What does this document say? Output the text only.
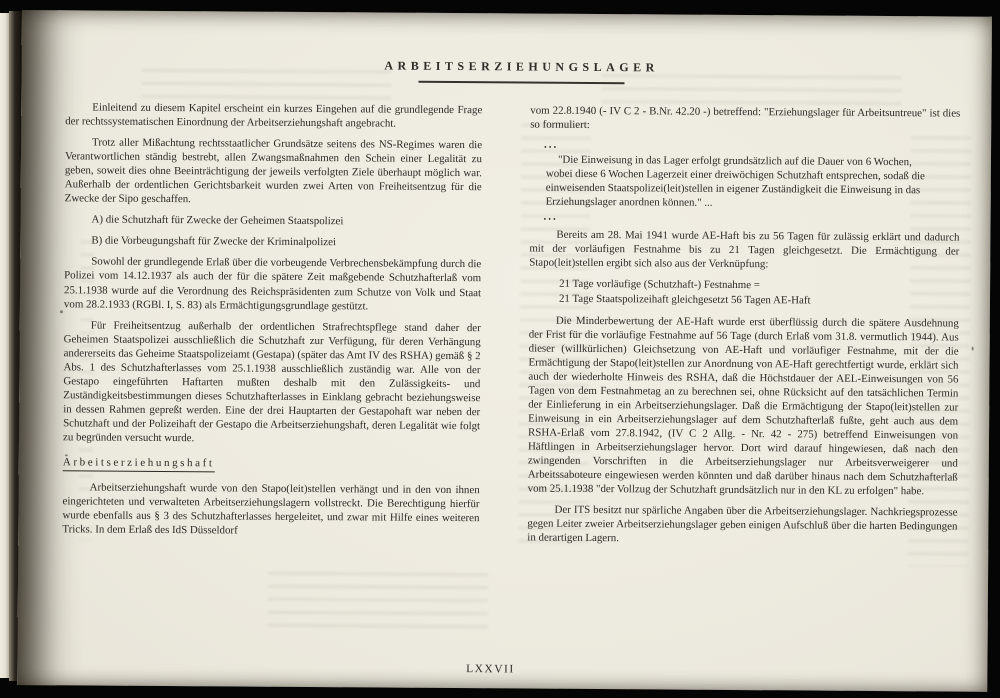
ARBEITSERZIEHUNGSLAGER

Einleitend zu diesem Kapitel erscheint ein kurzes Eingehen auf die grundlegende Frage der rechtssystematischen Einordnung der Arbeitserziehungshaft angebracht.

Trotz aller Mißachtung rechtsstaatlicher Grundsätze seitens des NS-Regimes waren die Verantwortlichen ständig bestrebt, allen Zwangsmaßnahmen den Schein einer Legalität zu geben, soweit dies ohne Beeinträchtigung der jeweils verfolgten Ziele überhaupt möglich war. Außerhalb der ordentlichen Gerichtsbarkeit wurden zwei Arten von Freiheitsentzug für die Zwecke der Sipo geschaffen.

A) die Schutzhaft für Zwecke der Geheimen Staatspolizei
B) die Vorbeugungshaft für Zwecke der Kriminalpolizei

Sowohl der grundlegende Erlaß über die vorbeugende Verbrechensbekämpfung durch die Polizei vom 14.12.1937 als auch der für die spätere Zeit maßgebende Schutzhafterlaß vom 25.1.1938 wurde auf die Verordnung des Reichspräsidenten zum Schutze von Volk und Staat vom 28.2.1933 (RGBl. I, S. 83) als Ermächtigungsgrundlage gestützt.

Für Freiheitsentzug außerhalb der ordentlichen Strafrechtspflege stand daher der Geheimen Staatspolizei ausschließlich die Schutzhaft zur Verfügung, für deren Verhängung andererseits das Geheime Staatspolizeiamt (Gestapa) (später das Amt IV des RSHA) gemäß § 2 Abs. 1 des Schutzhafterlasses vom 25.1.1938 ausschließlich zuständig war. Alle von der Gestapo eingeführten Haftarten mußten deshalb mit den Zulässigkeits- und Zuständigkeitsbestimmungen dieses Schutzhafterlasses in Einklang gebracht beziehungsweise in dessen Rahmen gepreßt werden. Eine der drei Hauptarten der Gestapohaft war neben der Schutzhaft und der Polizeihaft der Gestapo die Arbeitserziehungshaft, deren Legalität wie folgt zu begründen versucht wurde.

Arbeitserziehungshaft

Arbeitserziehungshaft wurde von den Stapo(leit)stellen verhängt und in den von ihnen eingerichteten und verwalteten Arbeitserziehungslagern vollstreckt. Die Berechtigung hierfür wurde ebenfalls aus § 3 des Schutzhafterlasses hergeleitet, und zwar mit Hilfe eines weiteren Tricks. In dem Erlaß des IdS Düsseldorf

vom 22.8.1940 (- IV C 2 - B.Nr. 42.20 -) betreffend: "Erziehungslager für Arbeitsuntreue" ist dies so formuliert:

...
"Die Einweisung in das Lager erfolgt grundsätzlich auf die Dauer von 6 Wochen, wobei diese 6 Wochen Lagerzeit einer dreiwöchigen Schutzhaft entsprechen, sodaß die einweisenden Staatspolizei(leit)stellen in eigener Zuständigkeit die Einweisung in das Erziehungslager anordnen können." ...
...

Bereits am 28. Mai 1941 wurde AE-Haft bis zu 56 Tagen für zulässig erklärt und dadurch mit der vorläufigen Festnahme bis zu 21 Tagen gleichgesetzt. Die Ermächtigung der Stapo(leit)stellen ergibt sich also aus der Verknüpfung:

21 Tage vorläufige (Schutzhaft-) Festnahme =
21 Tage Staatspolizeihaft gleichgesetzt 56 Tagen AE-Haft

Die Minderbewertung der AE-Haft wurde erst überflüssig durch die spätere Ausdehnung der Frist für die vorläufige Festnahme auf 56 Tage (durch Erlaß vom 31.8. vermutlich 1944). Aus dieser (willkürlichen) Gleichsetzung von AE-Haft und vorläufiger Festnahme, mit der die Ermächtigung der Stapo(leit)stellen zur Anordnung von AE-Haft gerechtfertigt wurde, erklärt sich auch der wiederholte Hinweis des RSHA, daß die Höchstdauer der AEL-Einweisungen von 56 Tagen von dem Festnahmetag an zu berechnen sei, ohne Rücksicht auf den tatsächlichen Termin der Einlieferung in ein Arbeitserziehungslager. Daß die Ermächtigung der Stapo(leit)stellen zur Einweisung in ein Arbeitserziehungslager auf dem Schutzhafterlaß fußte, geht auch aus dem RSHA-Erlaß vom 27.8.1942, (IV C 2 Allg. - Nr. 42 - 275) betreffend Einweisungen von Häftlingen in Arbeitserziehungslager hervor. Dort wird darauf hingewiesen, daß nach den zwingenden Vorschriften in die Arbeitserziehungslager nur Arbeitsverweigerer und Arbeitssaboteure eingewiesen werden könnten und daß darüber hinaus nach dem Schutzhafterlaß vom 25.1.1938 "der Vollzug der Schutzhaft grundsätzlich nur in den KL zu erfolgen" habe.

Der ITS besitzt nur spärliche Angaben über die Arbeitserziehungslager. Nachkriegsprozesse gegen Leiter zweier Arbeitserziehungslager geben einigen Aufschluß über die harten Bedingungen in derartigen Lagern.

LXXVII
